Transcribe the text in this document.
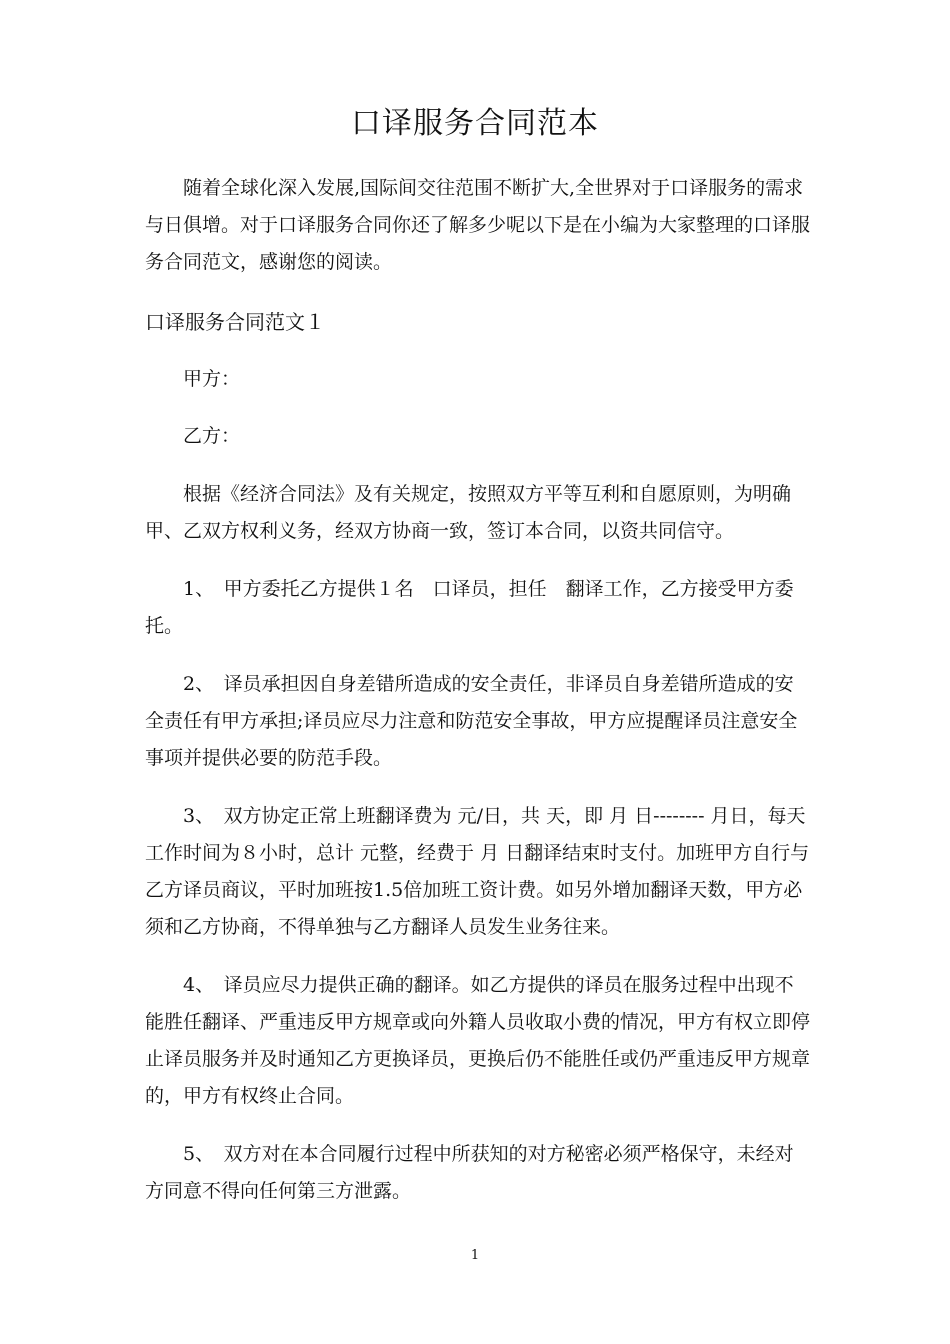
口译服务合同范本

随着全球化深入发展,国际间交往范围不断扩大,全世界对于口译服务的需求与日俱增。对于口译服务合同你还了解多少呢以下是在小编为大家整理的口译服务合同范文，感谢您的阅读。

口译服务合同范文１

甲方：

乙方：

根据《经济合同法》及有关规定，按照双方平等互利和自愿原则，为明确甲、乙双方权利义务，经双方协商一致，签订本合同，以资共同信守。

1、　甲方委托乙方提供１名　口译员，担任　翻译工作，乙方接受甲方委托。

2、　译员承担因自身差错所造成的安全责任，非译员自身差错所造成的安全责任有甲方承担;译员应尽力注意和防范安全事故，甲方应提醒译员注意安全事项并提供必要的防范手段。

3、　双方协定正常上班翻译费为 元/日，共 天，即 月 日-------- 月日，每天工作时间为８小时，总计 元整，经费于 月 日翻译结束时支付。加班甲方自行与乙方译员商议，平时加班按1.5倍加班工资计费。如另外增加翻译天数，甲方必须和乙方协商，不得单独与乙方翻译人员发生业务往来。

4、　译员应尽力提供正确的翻译。如乙方提供的译员在服务过程中出现不能胜任翻译、严重违反甲方规章或向外籍人员收取小费的情况，甲方有权立即停止译员服务并及时通知乙方更换译员，更换后仍不能胜任或仍严重违反甲方规章的，甲方有权终止合同。

5、　双方对在本合同履行过程中所获知的对方秘密必须严格保守，未经对方同意不得向任何第三方泄露。

1
